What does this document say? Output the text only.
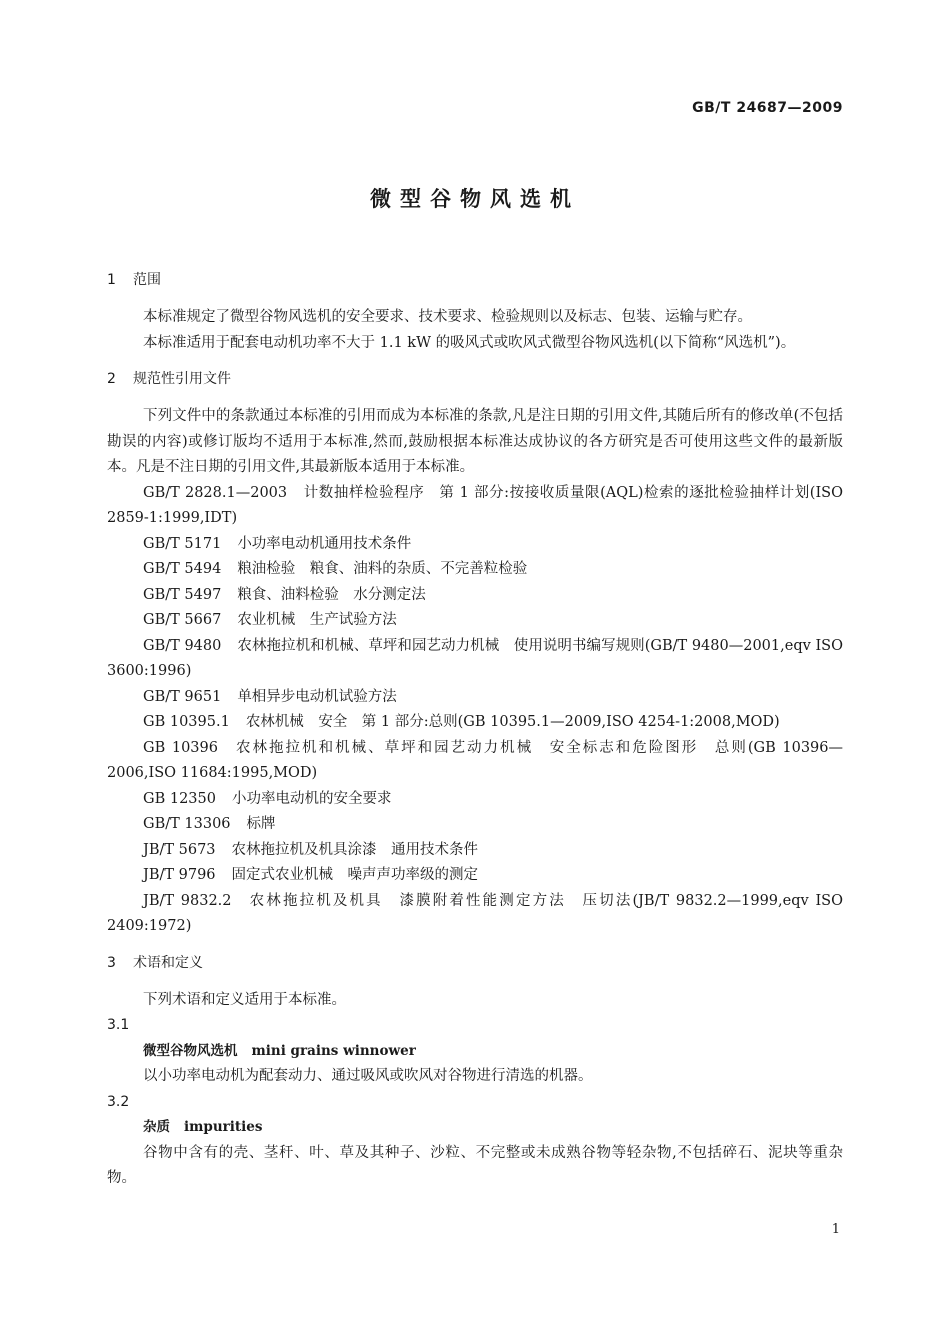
GB/T 24687—2009
微型谷物风选机

1 范围

本标准规定了微型谷物风选机的安全要求、技术要求、检验规则以及标志、包装、运输与贮存。

本标准适用于配套电动机功率不大于 1.1 kW 的吸风式或吹风式微型谷物风选机(以下简称“风选机”)。

2 规范性引用文件

下列文件中的条款通过本标准的引用而成为本标准的条款,凡是注日期的引用文件,其随后所有的修改单(不包括勘误的内容)或修订版均不适用于本标准,然而,鼓励根据本标准达成协议的各方研究是否可使用这些文件的最新版本。凡是不注日期的引用文件,其最新版本适用于本标准。

GB/T 2828.1—2003 计数抽样检验程序　第 1 部分:按接收质量限(AQL)检索的逐批检验抽样计划(ISO 2859-1:1999,IDT)

GB/T 5171 小功率电动机通用技术条件

GB/T 5494 粮油检验　粮食、油料的杂质、不完善粒检验

GB/T 5497 粮食、油料检验　水分测定法

GB/T 5667 农业机械　生产试验方法

GB/T 9480 农林拖拉机和机械、草坪和园艺动力机械　使用说明书编写规则(GB/T 9480—2001,eqv ISO 3600:1996)

GB/T 9651 单相异步电动机试验方法

GB 10395.1 农林机械　安全　第 1 部分:总则(GB 10395.1—2009,ISO 4254-1:2008,MOD)

GB 10396 农林拖拉机和机械、草坪和园艺动力机械　安全标志和危险图形　总则(GB 10396—2006,ISO 11684:1995,MOD)

GB 12350 小功率电动机的安全要求

GB/T 13306 标牌

JB/T 5673 农林拖拉机及机具涂漆　通用技术条件

JB/T 9796 固定式农业机械　噪声声功率级的测定

JB/T 9832.2 农林拖拉机及机具　漆膜附着性能测定方法　压切法(JB/T 9832.2—1999,eqv ISO 2409:1972)

3 术语和定义

下列术语和定义适用于本标准。

3.1

微型谷物风选机 mini grains winnower

以小功率电动机为配套动力、通过吸风或吹风对谷物进行清选的机器。

3.2

杂质 impurities

谷物中含有的壳、茎秆、叶、草及其种子、沙粒、不完整或未成熟谷物等轻杂物,不包括碎石、泥块等重杂物。

1
